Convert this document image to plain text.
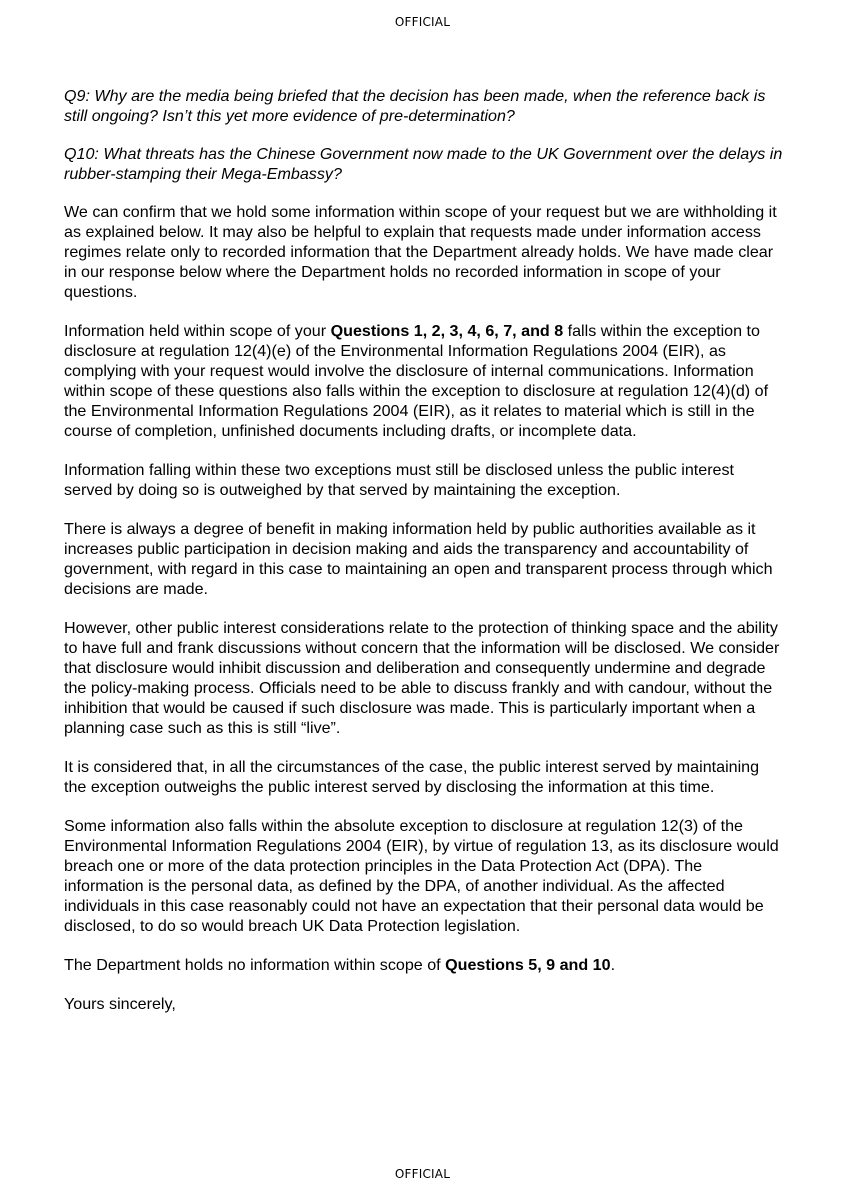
OFFICIAL

Q9: Why are the media being briefed that the decision has been made, when the reference back is still ongoing? Isn’t this yet more evidence of pre-determination?

Q10: What threats has the Chinese Government now made to the UK Government over the delays in rubber-stamping their Mega-Embassy?

We can confirm that we hold some information within scope of your request but we are withholding it as explained below. It may also be helpful to explain that requests made under information access regimes relate only to recorded information that the Department already holds. We have made clear in our response below where the Department holds no recorded information in scope of your questions.

Information held within scope of your Questions 1, 2, 3, 4, 6, 7, and 8 falls within the exception to disclosure at regulation 12(4)(e) of the Environmental Information Regulations 2004 (EIR), as complying with your request would involve the disclosure of internal communications. Information within scope of these questions also falls within the exception to disclosure at regulation 12(4)(d) of the Environmental Information Regulations 2004 (EIR), as it relates to material which is still in the course of completion, unfinished documents including drafts, or incomplete data.

Information falling within these two exceptions must still be disclosed unless the public interest served by doing so is outweighed by that served by maintaining the exception.

There is always a degree of benefit in making information held by public authorities available as it increases public participation in decision making and aids the transparency and accountability of government, with regard in this case to maintaining an open and transparent process through which decisions are made.

However, other public interest considerations relate to the protection of thinking space and the ability to have full and frank discussions without concern that the information will be disclosed. We consider that disclosure would inhibit discussion and deliberation and consequently undermine and degrade the policy-making process. Officials need to be able to discuss frankly and with candour, without the inhibition that would be caused if such disclosure was made. This is particularly important when a planning case such as this is still “live”.

It is considered that, in all the circumstances of the case, the public interest served by maintaining the exception outweighs the public interest served by disclosing the information at this time.

Some information also falls within the absolute exception to disclosure at regulation 12(3) of the Environmental Information Regulations 2004 (EIR), by virtue of regulation 13, as its disclosure would breach one or more of the data protection principles in the Data Protection Act (DPA). The information is the personal data, as defined by the DPA, of another individual. As the affected individuals in this case reasonably could not have an expectation that their personal data would be disclosed, to do so would breach UK Data Protection legislation.

The Department holds no information within scope of Questions 5, 9 and 10.

Yours sincerely,

OFFICIAL
